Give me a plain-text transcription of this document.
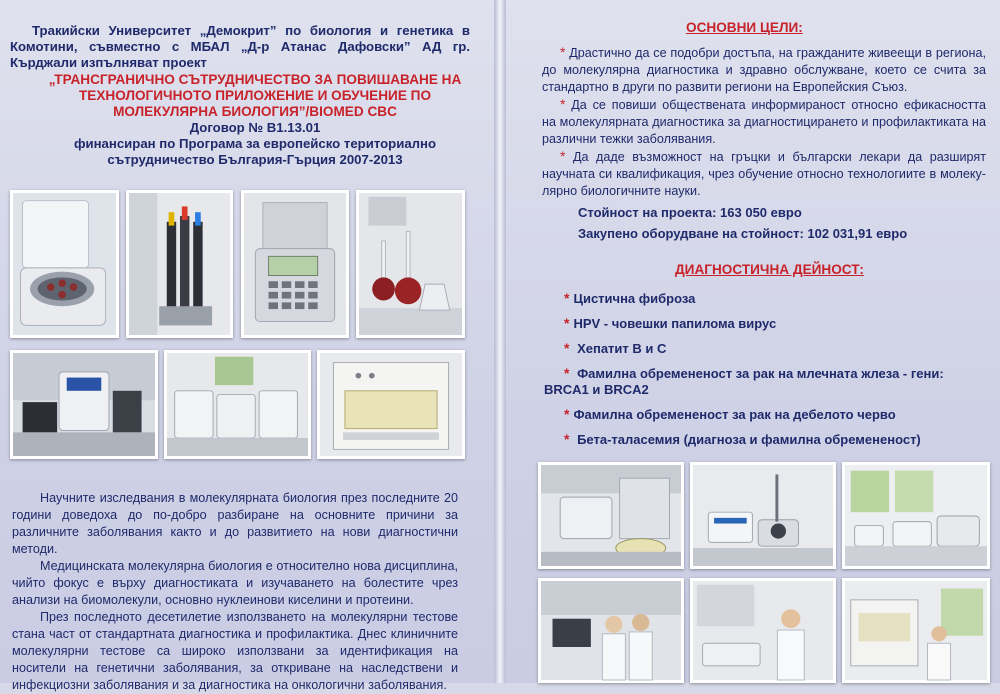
Тракийски Университет „Демокрит” по биология и генетика в Комотини, съвместно с МБАЛ „Д-р Атанас Дафовски” АД гр. Кърджали изпълняват проект

„ТРАНСГРАНИЧНО СЪТРУДНИЧЕСТВО ЗА ПОВИШАВАНЕ НА ТЕХНОЛОГИЧНОТО ПРИЛОЖЕНИЕ И ОБУЧЕНИЕ ПО МОЛЕКУЛЯРНА БИОЛОГИЯ”/BIOMED CBC

Договор № B1.13.01

финансиран по Програма за европейско териториално

сътрудничество България-Гърция 2007-2013

Научните изследвания в молекулярната биология през последните 20 години доведоха до по-добро разбиране на основните причини за различните заболявания както и до развитието на нови диагностични методи.

Медицинската молекулярна биология е относително нова дисциплина, чийто фокус е върху диагностиката и изучаването на болестите чрез анализи на биомолекули, основно нуклеинови киселини и протеини.

През последното десетилетие използването на молекулярни тестове стана част от стандартната диагностика и профилактика. Днес клиничните молекулярни тестове са широко използвани за идентификация на носители на генетични заболявания, за откриване на наследствени и инфекциозни заболявания и за диагностика на онкологични заболявания.

ОСНОВНИ ЦЕЛИ:

* Драстично да се подобри достъпа, на гражданите живеещи в региона, до молекулярна диагностика и здравно обслужване, което се счита за стандартно в други по развити региони на Европейския Съюз.

* Да се повиши обществената информираност относно ефикасността на молекулярната диагностика за диагностицирането и профилактиката на различни тежки заболявания.

* Да даде възможност на гръцки и български лекари да разширят научната си квалификация, чрез обучение относно технологиите в молеку-лярно биологичните науки.

Стойност на проекта: 163 050 евро

Закупено оборудване на стойност: 102 031,91 евро

ДИАГНОСТИЧНА ДЕЙНОСТ:
* Цистична фиброза
* HPV - човешки папилома вирус
* Хепатит B и C
* Фамилна обремененост за рак на млечната жлеза - гени: BRCA1 и BRCA2
* Фамилна обремененост за рак на дебелото черво
* Бета-таласемия (диагноза и фамилна обремененост)
